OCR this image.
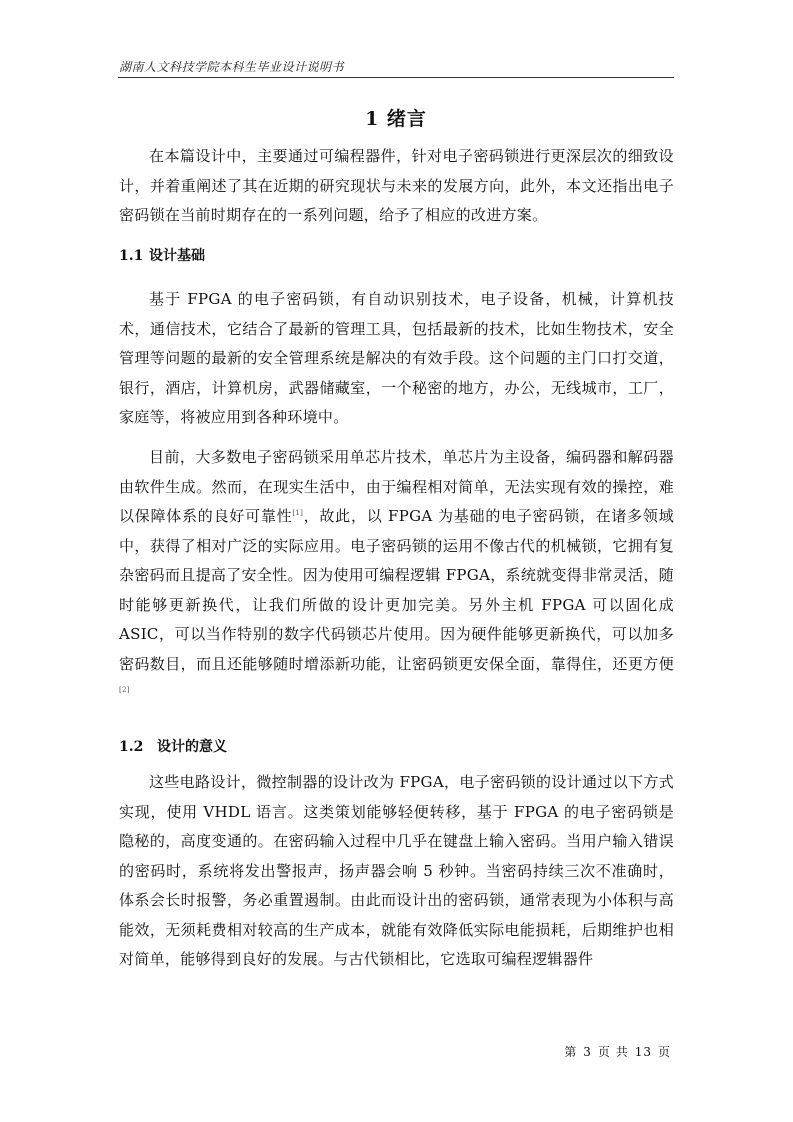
湖南人文科技学院本科生毕业设计说明书
1 绪言

在本篇设计中，主要通过可编程器件，针对电子密码锁进行更深层次的细致设计，并着重阐述了其在近期的研究现状与未来的发展方向，此外，本文还指出电子密码锁在当前时期存在的一系列问题，给予了相应的改进方案。

1.1 设计基础

基于 FPGA 的电子密码锁，有自动识别技术，电子设备，机械，计算机技术，通信技术，它结合了最新的管理工具，包括最新的技术，比如生物技术，安全管理等问题的最新的安全管理系统是解决的有效手段。这个问题的主门口打交道，银行，酒店，计算机房，武器储藏室，一个秘密的地方，办公，无线城市，工厂，家庭等，将被应用到各种环境中。

目前，大多数电子密码锁采用单芯片技术，单芯片为主设备，编码器和解码器由软件生成。然而，在现实生活中，由于编程相对简单，无法实现有效的操控，难以保障体系的良好可靠性[1]，故此，以 FPGA 为基础的电子密码锁，在诸多领域中，获得了相对广泛的实际应用。电子密码锁的运用不像古代的机械锁，它拥有复杂密码而且提高了安全性。因为使用可编程逻辑 FPGA，系统就变得非常灵活，随时能够更新换代，让我们所做的设计更加完美。另外主机 FPGA 可以固化成 ASIC，可以当作特别的数字代码锁芯片使用。因为硬件能够更新换代，可以加多密码数目，而且还能够随时增添新功能，让密码锁更安保全面，靠得住，还更方便[2]

1.2 设计的意义

这些电路设计，微控制器的设计改为 FPGA，电子密码锁的设计通过以下方式实现，使用 VHDL 语言。这类策划能够轻便转移，基于 FPGA 的电子密码锁是隐秘的，高度变通的。在密码输入过程中几乎在键盘上输入密码。当用户输入错误的密码时，系统将发出警报声，扬声器会响 5 秒钟。当密码持续三次不准确时，体系会长时报警，务必重置遏制。由此而设计出的密码锁，通常表现为小体积与高能效，无须耗费相对较高的生产成本，就能有效降低实际电能损耗，后期维护也相对简单，能够得到良好的发展。与古代锁相比，它选取可编程逻辑器件

第 3 页 共 13 页
